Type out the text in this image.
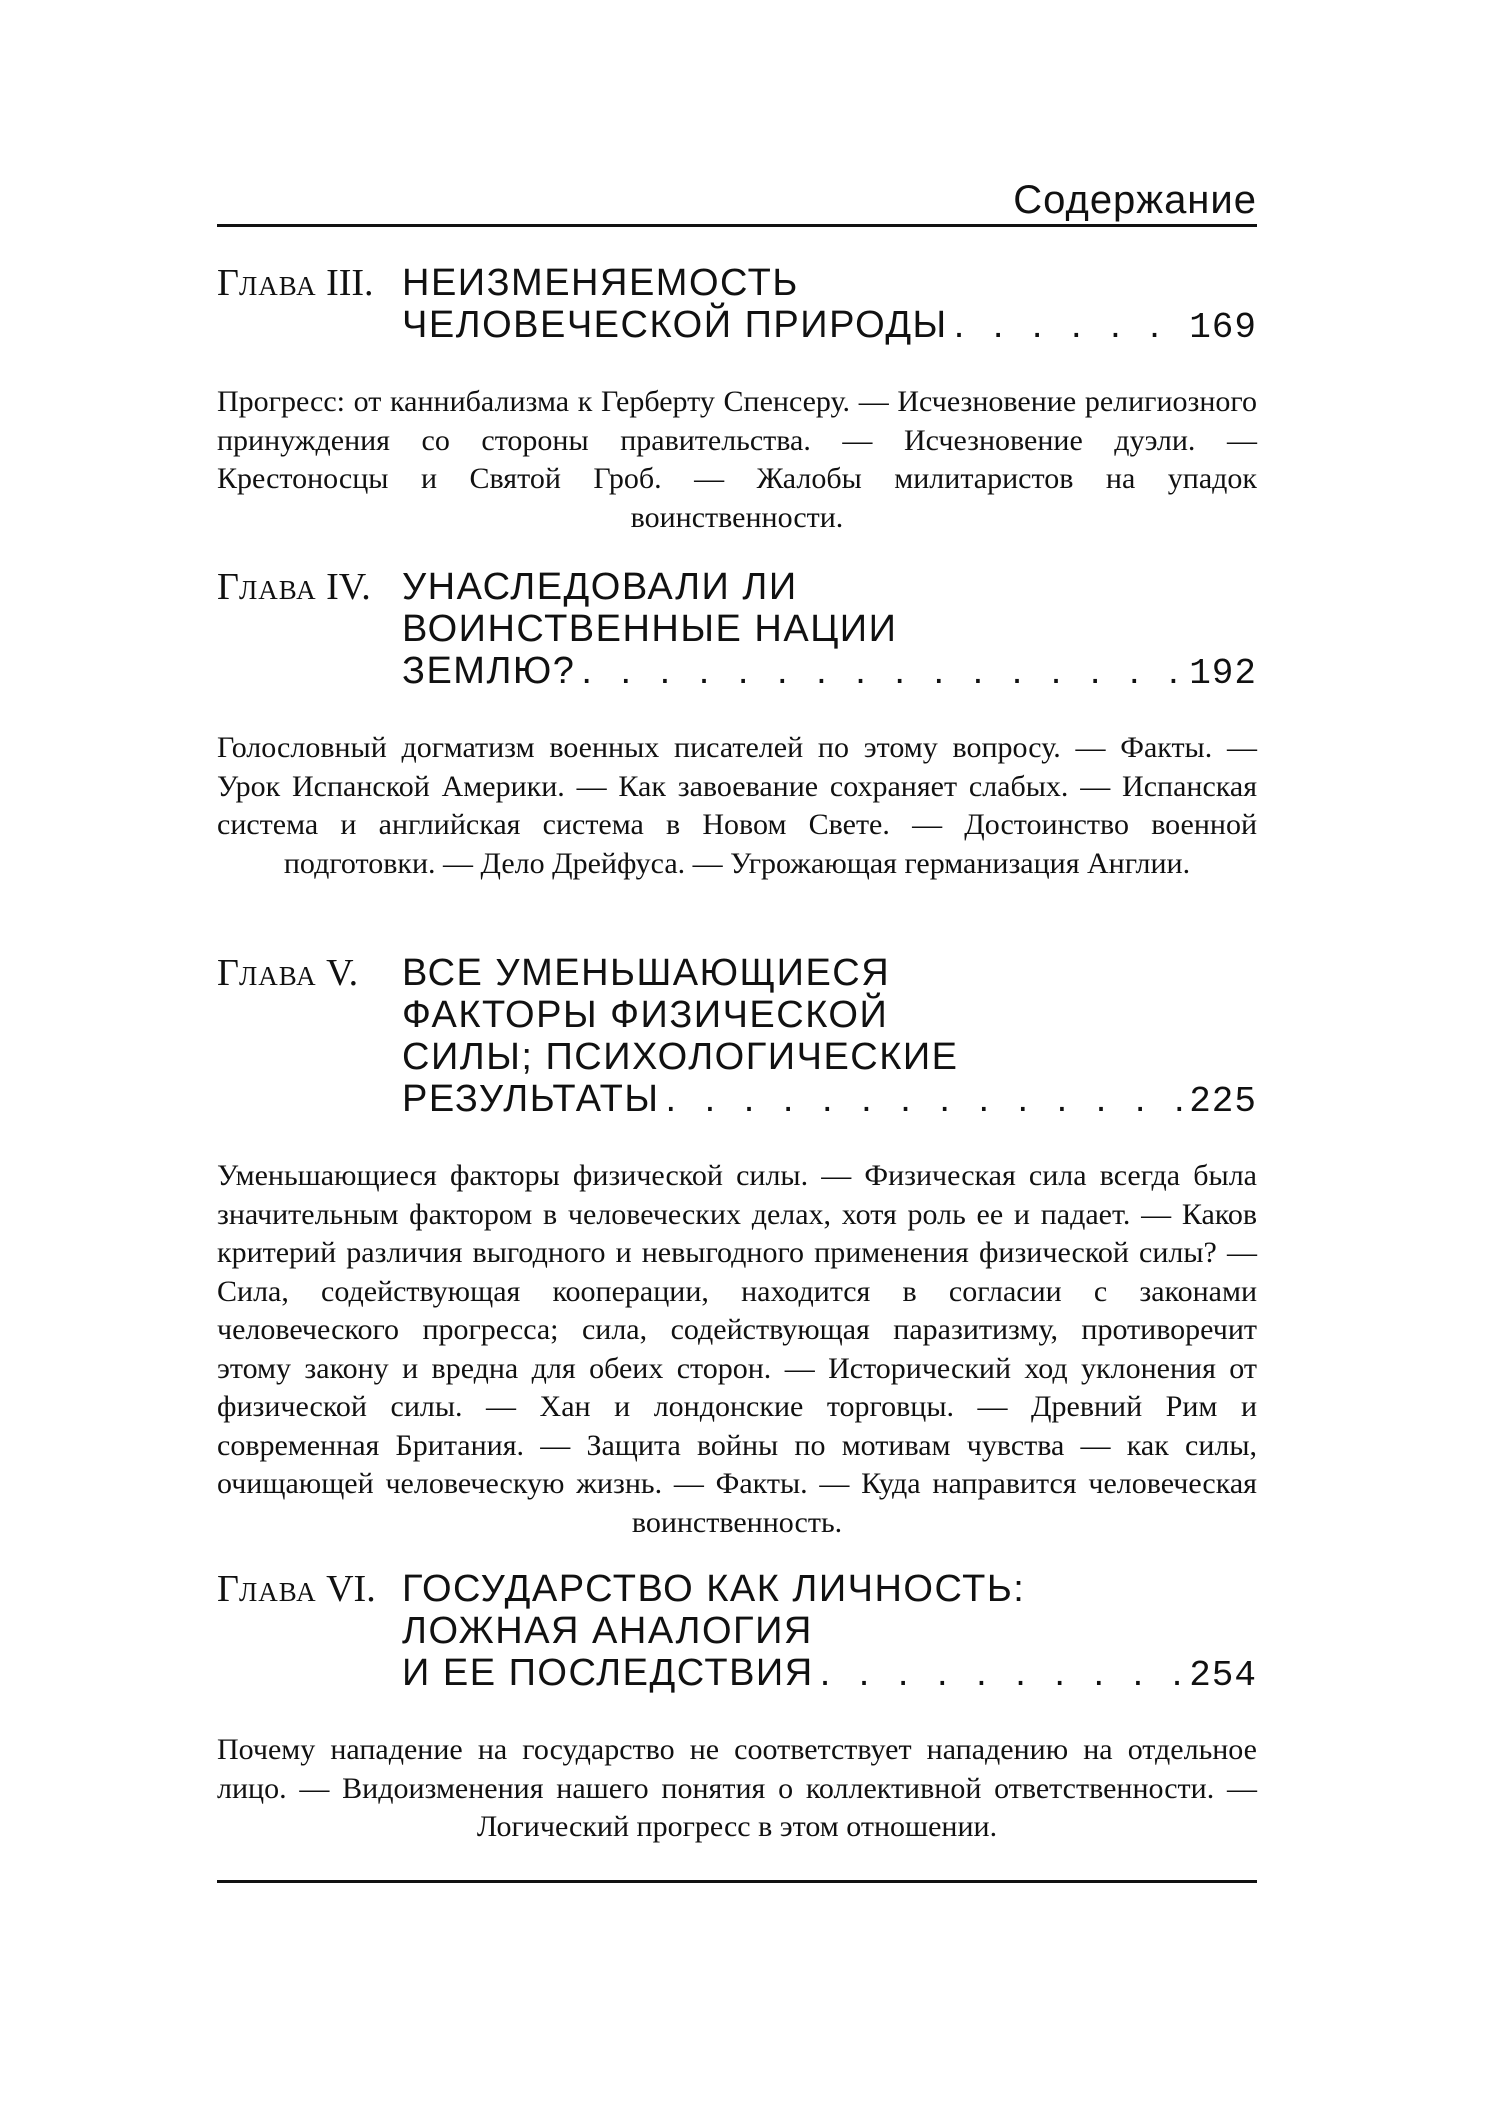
Содержание
Глава III. НЕИЗМЕНЯЕМОСТЬ
ЧЕЛОВЕЧЕСКОЙ ПРИРОДЫ . . .	169
Прогресс: от каннибализма к Герберту Спенсеру. — Исчезновение религиозного принуждения со стороны правительства. — Исчезновение дуэли. — Крестоносцы и Святой Гроб. — Жалобы милитаристов на упадок воинственности.
Глава IV. УНАСЛЕДОВАЛИ ЛИ
ВОИНСТВЕННЫЕ НАЦИИ
ЗЕМЛЮ? . . .	192
Голословный догматизм военных писателей по этому вопросу. — Факты. — Урок Испанской Америки. — Как завоевание сохраняет слабых. — Испанская система и английская система в Новом Свете. — Достоинство военной подготовки. — Дело Дрейфуса. — Угрожающая германизация Англии.
Глава V. ВСЕ УМЕНЬШАЮЩИЕСЯ
ФАКТОРЫ ФИЗИЧЕСКОЙ
СИЛЫ; ПСИХОЛОГИЧЕСКИЕ
РЕЗУЛЬТАТЫ . . .	225
Уменьшающиеся факторы физической силы. — Физическая сила всегда была значительным фактором в человеческих делах, хотя роль ее и падает. — Каков критерий различия выгодного и невыгодного применения физической силы? — Сила, содействующая кооперации, находится в согласии с законами человеческого прогресса; сила, содействующая паразитизму, противоречит этому закону и вредна для обеих сторон. — Исторический ход уклонения от физической силы. — Хан и лондонские торговцы. — Древний Рим и современная Британия. — Защита войны по мотивам чувства — как силы, очищающей человеческую жизнь. — Факты. — Куда направится человеческая воинственность.
Глава VI. ГОСУДАРСТВО КАК ЛИЧНОСТЬ:
ЛОЖНАЯ АНАЛОГИЯ
И ЕЕ ПОСЛЕДСТВИЯ . . .	254
Почему нападение на государство не соответствует нападению на отдельное лицо. — Видоизменения нашего понятия о коллективной ответственности. — Логический прогресс в этом отношении.
